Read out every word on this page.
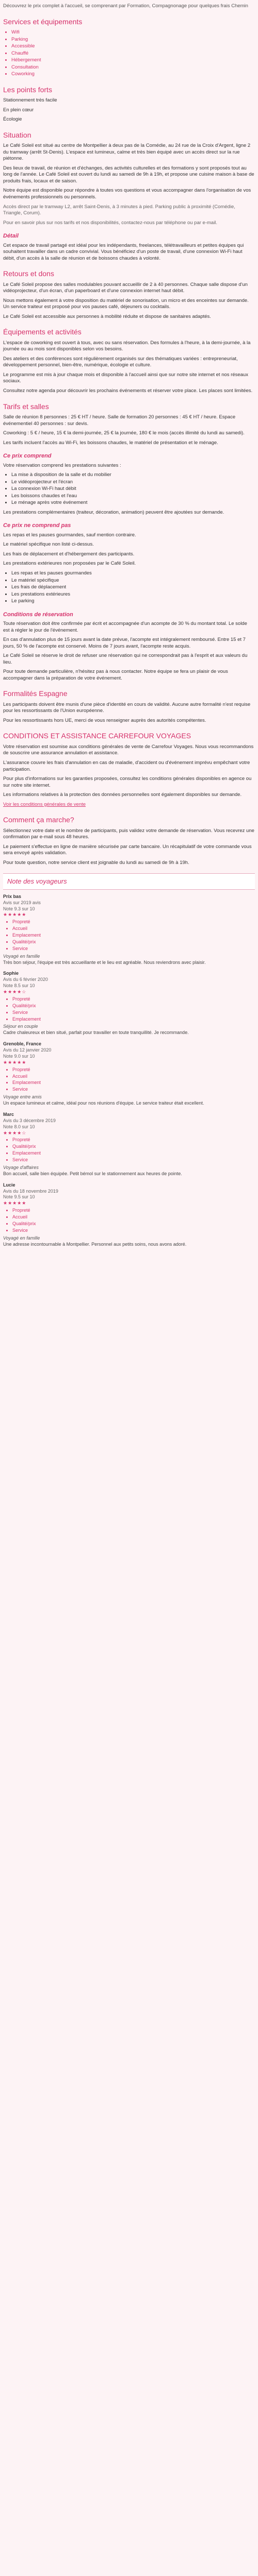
Découvrez le prix complet à l'accueil, se comprenant par Formation, Compagnonage pour quelques frais Chemin

Services et équipements
• Wifi
• Parking
• Accessible
• Chauffé
• Hébergement
• Consultation
• Coworking
Les points forts

Stationnement très facile

En plein cœur

Écologie

Situation

Le Café Soleil est situé au centre de Montpellier à deux pas de la Comédie, au 24 rue de la Croix d'Argent, ligne 2 du tramway (arrêt St-Denis). L'espace est lumineux, calme et très bien équipé avec un accès direct sur la rue piétonne.

Des lieux de travail, de réunion et d'échanges, des activités culturelles et des formations y sont proposés tout au long de l'année. Le Café Soleil est ouvert du lundi au samedi de 9h à 19h, et propose une cuisine maison à base de produits frais, locaux et de saison.

Notre équipe est disponible pour répondre à toutes vos questions et vous accompagner dans l'organisation de vos événements professionnels ou personnels.

Accès direct par le tramway L2, arrêt Saint-Denis, à 3 minutes à pied. Parking public à proximité (Comédie, Triangle, Corum).

Pour en savoir plus sur nos tarifs et nos disponibilités, contactez-nous par téléphone ou par e-mail.

Détail

Cet espace de travail partagé est idéal pour les indépendants, freelances, télétravailleurs et petites équipes qui souhaitent travailler dans un cadre convivial. Vous bénéficiez d'un poste de travail, d'une connexion Wi-Fi haut débit, d'un accès à la salle de réunion et de boissons chaudes à volonté.

Retours et dons

Le Café Soleil propose des salles modulables pouvant accueillir de 2 à 40 personnes. Chaque salle dispose d'un vidéoprojecteur, d'un écran, d'un paperboard et d'une connexion internet haut débit.

Nous mettons également à votre disposition du matériel de sonorisation, un micro et des enceintes sur demande. Un service traiteur est proposé pour vos pauses café, déjeuners ou cocktails.

Le Café Soleil est accessible aux personnes à mobilité réduite et dispose de sanitaires adaptés.

Équipements et activités

L'espace de coworking est ouvert à tous, avec ou sans réservation. Des formules à l'heure, à la demi-journée, à la journée ou au mois sont disponibles selon vos besoins.

Des ateliers et des conférences sont régulièrement organisés sur des thématiques variées : entrepreneuriat, développement personnel, bien-être, numérique, écologie et culture.

Le programme est mis à jour chaque mois et disponible à l'accueil ainsi que sur notre site internet et nos réseaux sociaux.

Consultez notre agenda pour découvrir les prochains événements et réserver votre place. Les places sont limitées.

Tarifs et salles

Salle de réunion 8 personnes : 25 € HT / heure. Salle de formation 20 personnes : 45 € HT / heure. Espace événementiel 40 personnes : sur devis.

Coworking : 5 € / heure, 15 € la demi-journée, 25 € la journée, 180 € le mois (accès illimité du lundi au samedi).

Les tarifs incluent l'accès au Wi-Fi, les boissons chaudes, le matériel de présentation et le ménage.

Ce prix comprend

Votre réservation comprend les prestations suivantes :

• La mise à disposition de la salle et du mobilier
• Le vidéoprojecteur et l'écran
• La connexion Wi-Fi haut débit
• Les boissons chaudes et l'eau
• Le ménage après votre événement

Les prestations complémentaires (traiteur, décoration, animation) peuvent être ajoutées sur demande.

Ce prix ne comprend pas

Les repas et les pauses gourmandes, sauf mention contraire.

Le matériel spécifique non listé ci-dessus.

Les frais de déplacement et d'hébergement des participants.

Les prestations extérieures non proposées par le Café Soleil.

• Les repas et les pauses gourmandes
• Le matériel spécifique
• Les frais de déplacement
• Les prestations extérieures
• Le parking
Conditions de réservation

Toute réservation doit être confirmée par écrit et accompagnée d'un acompte de 30 % du montant total. Le solde est à régler le jour de l'événement.

En cas d'annulation plus de 15 jours avant la date prévue, l'acompte est intégralement remboursé. Entre 15 et 7 jours, 50 % de l'acompte est conservé. Moins de 7 jours avant, l'acompte reste acquis.

Le Café Soleil se réserve le droit de refuser une réservation qui ne correspondrait pas à l'esprit et aux valeurs du lieu.

Pour toute demande particulière, n'hésitez pas à nous contacter. Notre équipe se fera un plaisir de vous accompagner dans la préparation de votre événement.

Formalités Espagne

Les participants doivent être munis d'une pièce d'identité en cours de validité. Aucune autre formalité n'est requise pour les ressortissants de l'Union européenne.

Pour les ressortissants hors UE, merci de vous renseigner auprès des autorités compétentes.

CONDITIONS ET ASSISTANCE CARREFOUR VOYAGES

Votre réservation est soumise aux conditions générales de vente de Carrefour Voyages. Nous vous recommandons de souscrire une assurance annulation et assistance.

L'assurance couvre les frais d'annulation en cas de maladie, d'accident ou d'événement imprévu empêchant votre participation.

Pour plus d'informations sur les garanties proposées, consultez les conditions générales disponibles en agence ou sur notre site internet.

Les informations relatives à la protection des données personnelles sont également disponibles sur demande.

Voir les conditions générales de vente

Comment ça marche?

Sélectionnez votre date et le nombre de participants, puis validez votre demande de réservation. Vous recevrez une confirmation par e-mail sous 48 heures.

Le paiement s'effectue en ligne de manière sécurisée par carte bancaire. Un récapitulatif de votre commande vous sera envoyé après validation.

Pour toute question, notre service client est joignable du lundi au samedi de 9h à 19h.

Note des voyageurs
Prix bas
Avis sur 2019 avis
Note 9.3 sur 10
★★★★★
• Propreté
• Accueil
• Emplacement
• Qualité/prix
• Service
Voyagé en famille

Très bon séjour, l'équipe est très accueillante et le lieu est agréable. Nous reviendrons avec plaisir.

Sophie
Avis du 6 février 2020
Note 8.5 sur 10
★★★★☆
• Propreté
• Qualité/prix
• Service
• Emplacement
Séjour en couple

Cadre chaleureux et bien situé, parfait pour travailler en toute tranquillité. Je recommande.

Grenoble, France
Avis du 12 janvier 2020
Note 9.0 sur 10
★★★★★
• Propreté
• Accueil
• Emplacement
• Service
Voyage entre amis

Un espace lumineux et calme, idéal pour nos réunions d'équipe. Le service traiteur était excellent.

Marc
Avis du 3 décembre 2019
Note 8.0 sur 10
★★★★☆
• Propreté
• Qualité/prix
• Emplacement
• Service
Voyage d'affaires

Bon accueil, salle bien équipée. Petit bémol sur le stationnement aux heures de pointe.

Lucie
Avis du 18 novembre 2019
Note 9.5 sur 10
★★★★★
• Propreté
• Accueil
• Qualité/prix
• Service
Voyagé en famille

Une adresse incontournable à Montpellier. Personnel aux petits soins, nous avons adoré.
